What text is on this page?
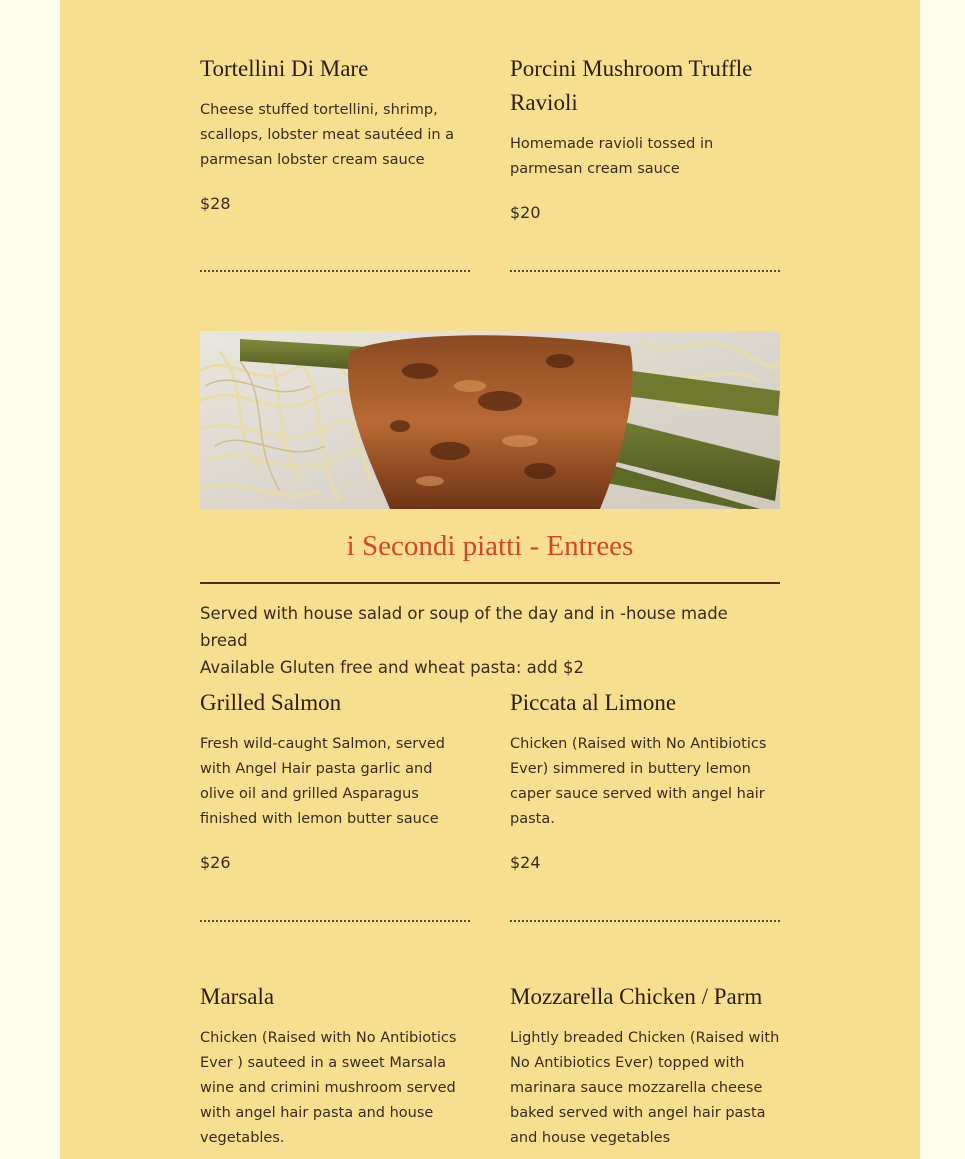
Tortellini Di Mare

Cheese stuffed tortellini, shrimp, scallops, lobster meat sautéed in a parmesan lobster cream sauce

$28

Porcini Mushroom Truffle Ravioli

Homemade ravioli tossed in parmesan cream sauce

$20

i Secondi piatti - Entrees
Served with house salad or soup of the day and in -house made bread
Available Gluten free and wheat pasta: add $2
Grilled Salmon

Fresh wild-caught Salmon, served with Angel Hair pasta garlic and olive oil and grilled Asparagus finished with lemon butter sauce

$26

Piccata al Limone

Chicken (Raised with No Antibiotics Ever) simmered in buttery lemon caper sauce served with angel hair pasta.

$24

Marsala

Chicken (Raised with No Antibiotics Ever ) sauteed in a sweet Marsala wine and crimini mushroom served with angel hair pasta and house vegetables.

Mozzarella Chicken / Parm

Lightly breaded Chicken (Raised with No Antibiotics Ever) topped with marinara sauce mozzarella cheese baked served with angel hair pasta and house vegetables
